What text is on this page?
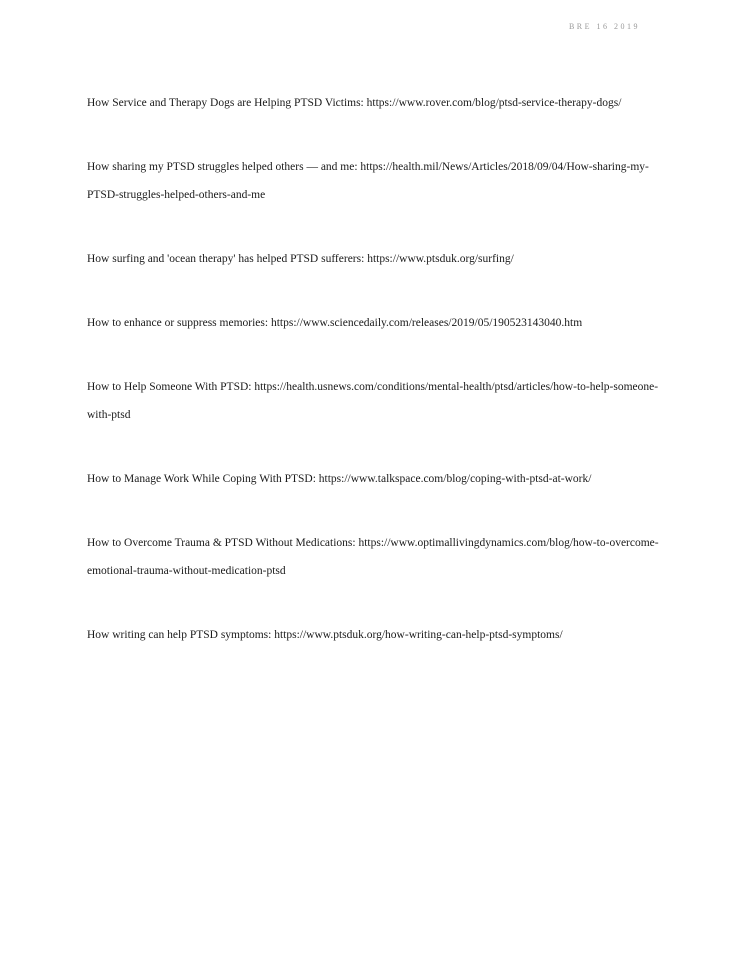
BRE 16 2019

How Service and Therapy Dogs are Helping PTSD Victims: https://www.rover.com/blog/ptsd-service-therapy-dogs/

How sharing my PTSD struggles helped others — and me: https://health.mil/News/Articles/2018/09/04/How-sharing-my-PTSD-struggles-helped-others-and-me

How surfing and 'ocean therapy' has helped PTSD sufferers: https://www.ptsduk.org/surfing/

How to enhance or suppress memories: https://www.sciencedaily.com/releases/2019/05/190523143040.htm

How to Help Someone With PTSD: https://health.usnews.com/conditions/mental-health/ptsd/articles/how-to-help-someone-with-ptsd

How to Manage Work While Coping With PTSD: https://www.talkspace.com/blog/coping-with-ptsd-at-work/

How to Overcome Trauma & PTSD Without Medications: https://www.optimallivingdynamics.com/blog/how-to-overcome-emotional-trauma-without-medication-ptsd

How writing can help PTSD symptoms: https://www.ptsduk.org/how-writing-can-help-ptsd-symptoms/
